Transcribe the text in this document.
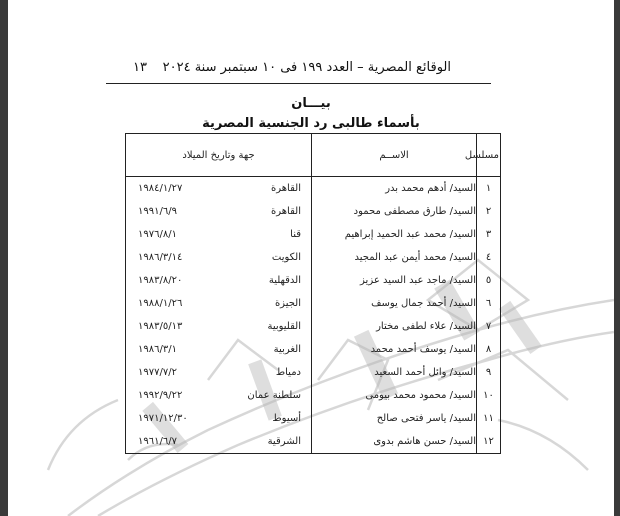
الوقائع المصرية – العدد ١٩٩ فى ١٠ سبتمبر سنة ٢٠٢٤
١٣
بيـــان
بأسماء طالبى رد الجنسية المصرية
مسلسل	الاســم	جهة وتاريخ الميلاد
١	السيد/ أدهم محمد بدر	القاهرة
١٩٨٤/١/٢٧

٢	السيد/ طارق مصطفى محمود	القاهرة
١٩٩١/٦/٩

٣	السيد/ محمد عبد الحميد إبراهيم	قنا
١٩٧٦/٨/١

٤	السيد/ محمد أيمن عبد المجيد	الكويت
١٩٨٦/٣/١٤

٥	السيد/ ماجد عبد السيد عزيز	الدقهلية
١٩٨٣/٨/٢٠

٦	السيد/ أحمد جمال يوسف	الجيزة
١٩٨٨/١/٢٦

٧	السيد/ علاء لطفى مختار	القليوبية
١٩٨٣/٥/١٣

٨	السيد/ يوسف أحمد محمد	الغربية
١٩٨٦/٣/١

٩	السيد/ وائل أحمد السعيد	دمياط
١٩٧٧/٧/٢

١٠	السيد/ محمود محمد بيومى	سلطنة عمان
١٩٩٢/٩/٢٢

١١	السيد/ ياسر فتحى صالح	أسيوط
١٩٧١/١٢/٣٠

١٢	السيد/ حسن هاشم بدوى	الشرقية
١٩٦١/٦/٧
